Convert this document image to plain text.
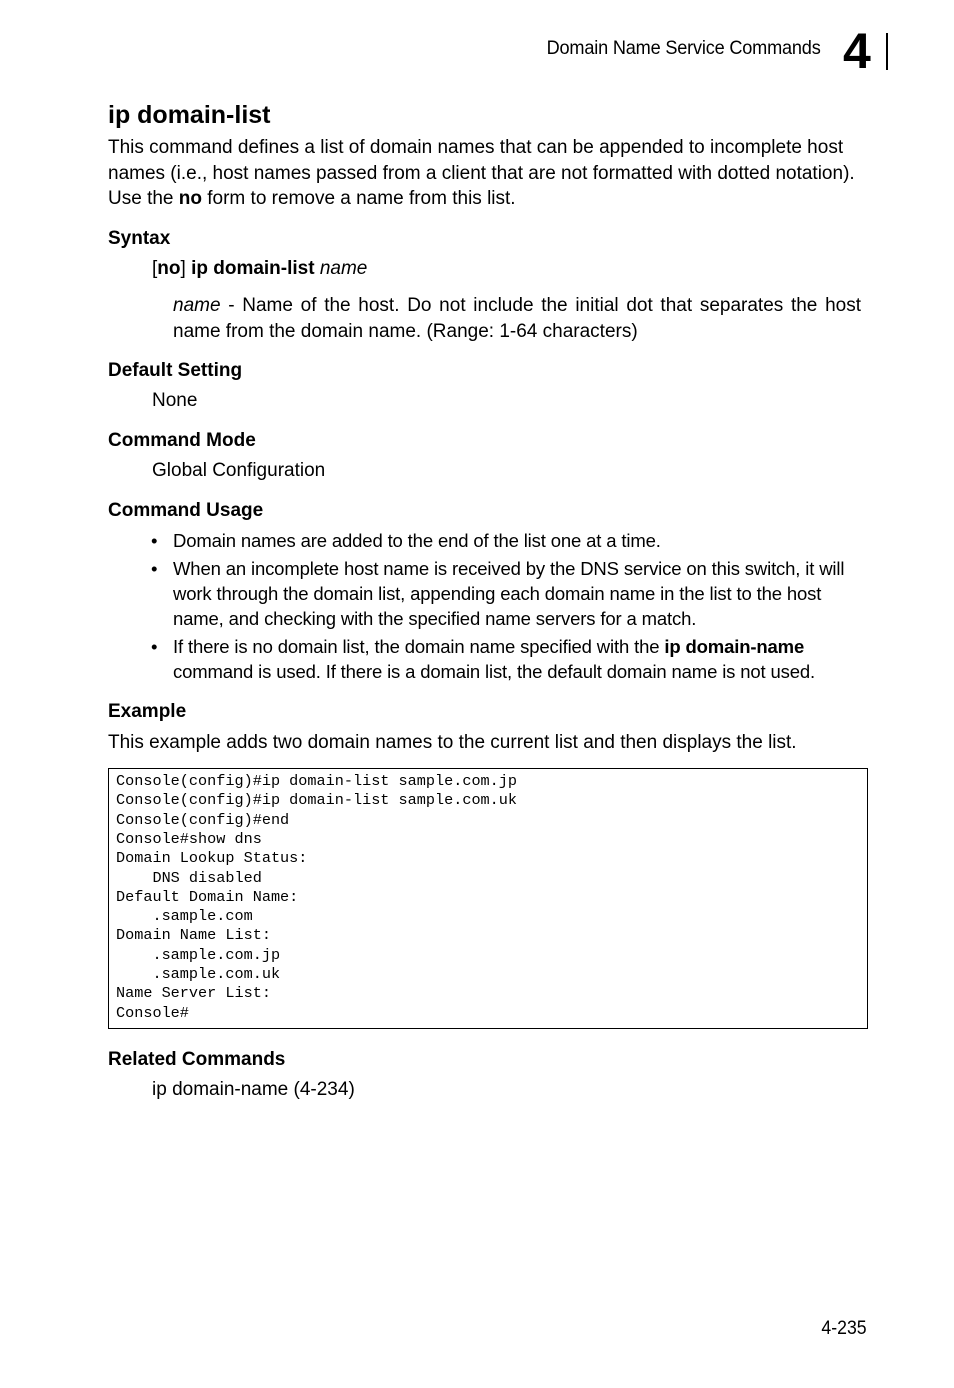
Domain Name Service Commands 4
ip domain-list
This command defines a list of domain names that can be appended to incomplete host names (i.e., host names passed from a client that are not formatted with dotted notation). Use the no form to remove a name from this list.
Syntax
[no] ip domain-list name
name - Name of the host. Do not include the initial dot that separates the host name from the domain name. (Range: 1-64 characters)
Default Setting
None
Command Mode
Global Configuration
Command Usage
• Domain names are added to the end of the list one at a time.
• When an incomplete host name is received by the DNS service on this switch, it will work through the domain list, appending each domain name in the list to the host name, and checking with the specified name servers for a match.
• If there is no domain list, the domain name specified with the ip domain-name command is used. If there is a domain list, the default domain name is not used.
Example
This example adds two domain names to the current list and then displays the list.
Console(config)#ip domain-list sample.com.jp
Console(config)#ip domain-list sample.com.uk
Console(config)#end
Console#show dns
Domain Lookup Status:
DNS disabled
Default Domain Name:
.sample.com
Domain Name List:
.sample.com.jp
.sample.com.uk
Name Server List:
Console#
Related Commands
ip domain-name (4-234)
4-235
